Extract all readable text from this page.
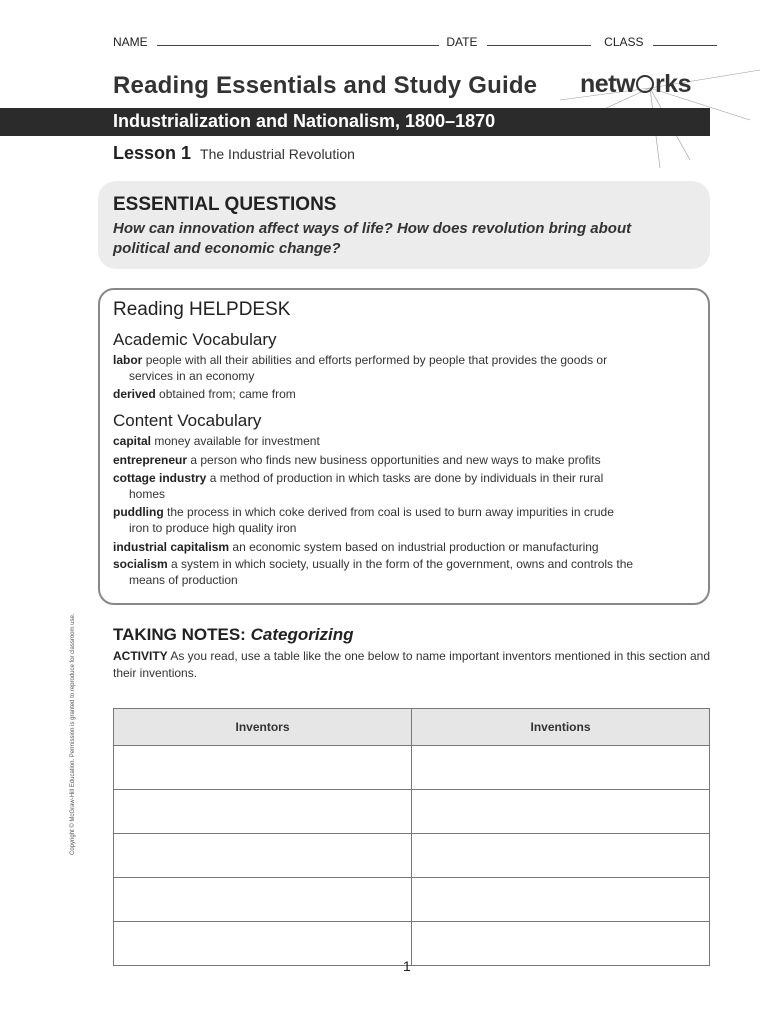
NAME	DATE	CLASS
Reading Essentials and Study Guide netw rks
Industrialization and Nationalism, 1800–1870
Lesson 1 The Industrial Revolution
ESSENTIAL QUESTIONS
How can innovation affect ways of life? How does revolution bring about political and economic change?
Reading HELPDESK
Academic Vocabulary
labor people with all their abilities and efforts performed by people that provides the goods or
services in an economy
derived obtained from; came from
Content Vocabulary
capital money available for investment
entrepreneur a person who finds new business opportunities and new ways to make profits
cottage industry a method of production in which tasks are done by individuals in their rural
homes
puddling the process in which coke derived from coal is used to burn away impurities in crude
iron to produce high quality iron
industrial capitalism an economic system based on industrial production or manufacturing
socialism a system in which society, usually in the form of the government, owns and controls the
means of production
Copyright © McGraw-Hill Education. Permission is granted to reproduce for classroom use. TAKING NOTES: Categorizing
ACTIVITY As you read, use a table like the one below to name important inventors mentioned in this section and their inventions.
Inventors	Inventions

1
